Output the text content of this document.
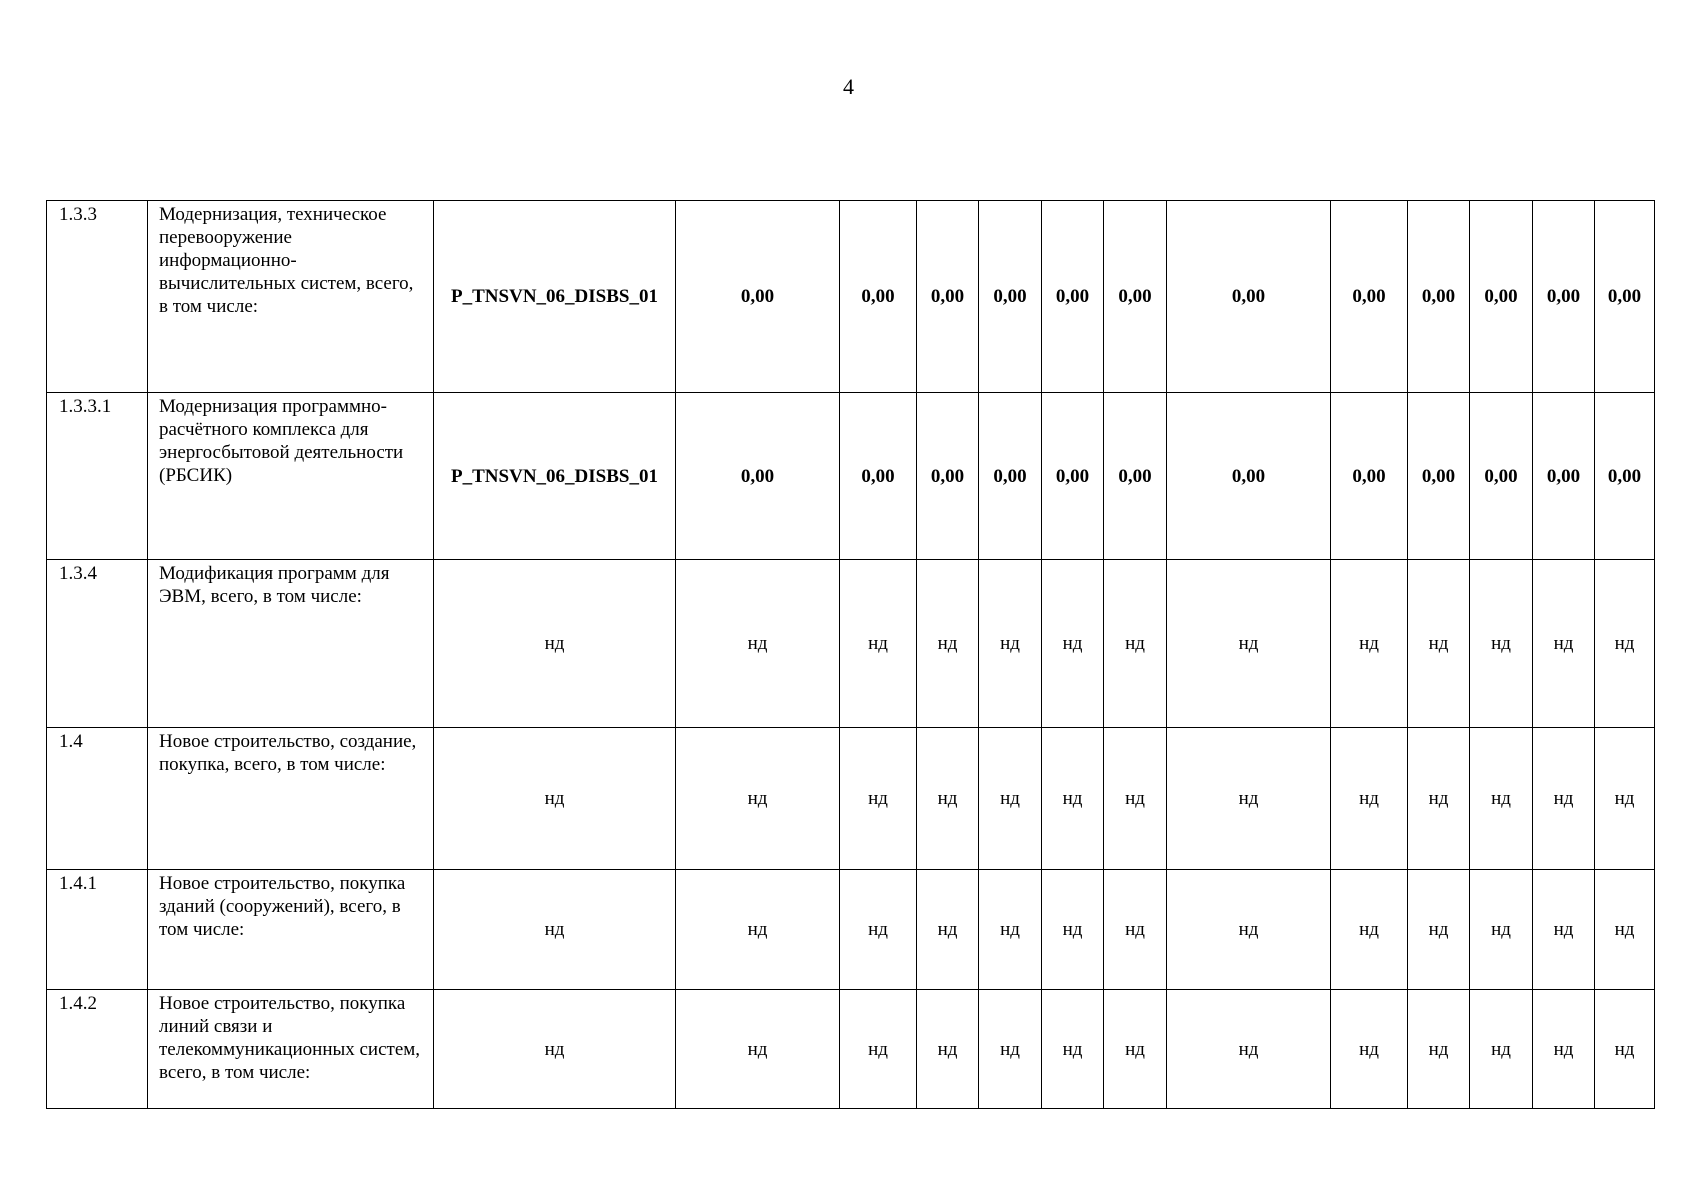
4
1.3.3	Модернизация, техническое перевооружение информационно-вычислительных систем, всего, в том числе:	P_TNSVN_06_DISBS_01	0,00	0,00	0,00	0,00	0,00	0,00	0,00	0,00	0,00	0,00	0,00	0,00
1.3.3.1	Модернизация программно-расчётного комплекса для энергосбытовой деятельности (РБСИК)	P_TNSVN_06_DISBS_01	0,00	0,00	0,00	0,00	0,00	0,00	0,00	0,00	0,00	0,00	0,00	0,00
1.3.4	Модификация программ для ЭВМ, всего, в том числе:	нд	нд	нд	нд	нд	нд	нд	нд	нд	нд	нд	нд	нд
1.4	Новое строительство, создание, покупка, всего, в том числе:	нд	нд	нд	нд	нд	нд	нд	нд	нд	нд	нд	нд	нд
1.4.1	Новое строительство, покупка зданий (сооружений), всего, в том числе:	нд	нд	нд	нд	нд	нд	нд	нд	нд	нд	нд	нд	нд
1.4.2	Новое строительство, покупка линий связи и телекоммуникационных систем, всего, в том числе:	нд	нд	нд	нд	нд	нд	нд	нд	нд	нд	нд	нд	нд
